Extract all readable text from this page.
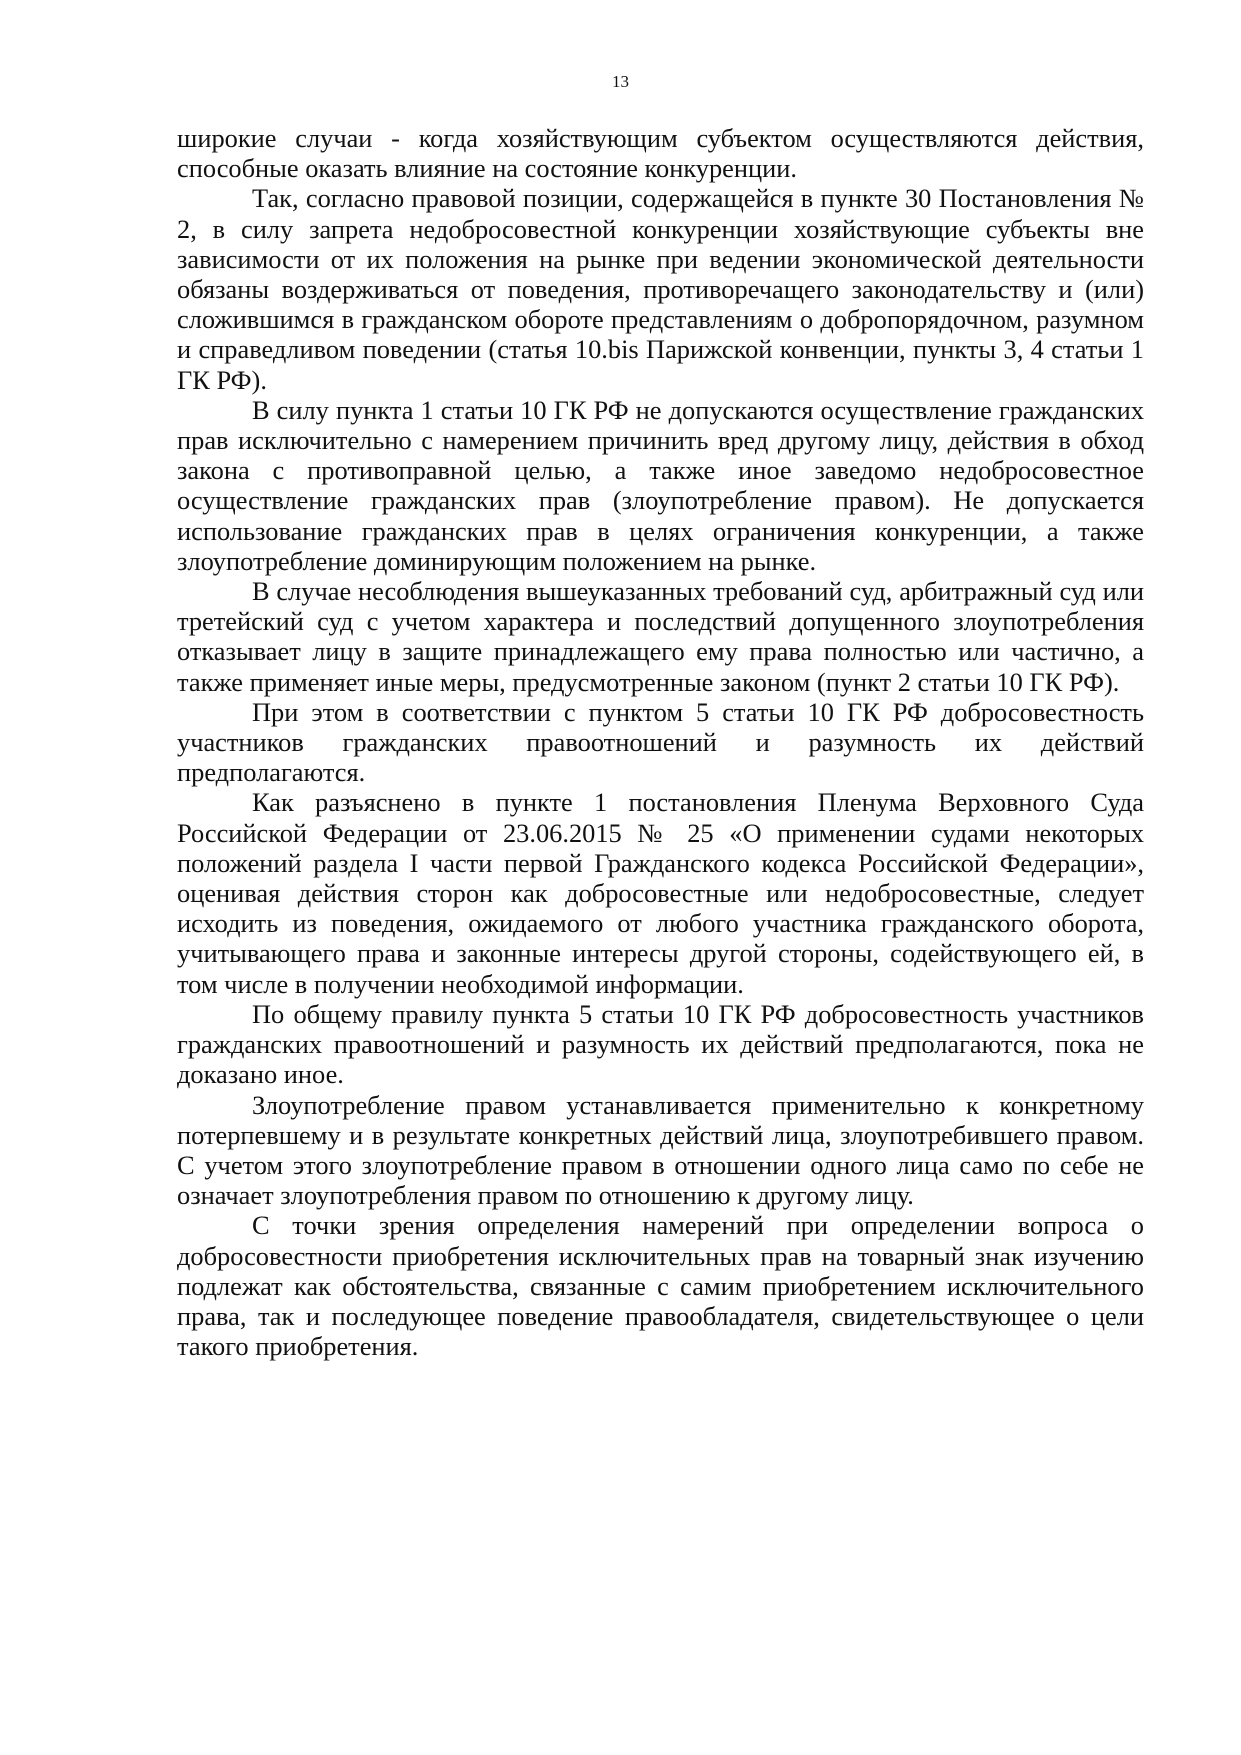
13

широкие случаи - когда хозяйствующим субъектом осуществляются действия, способные оказать влияние на состояние конкуренции.

Так, согласно правовой позиции, содержащейся в пункте 30 Постановления № 2, в силу запрета недобросовестной конкуренции хозяйствующие субъекты вне зависимости от их положения на рынке при ведении экономической деятельности обязаны воздерживаться от поведения, противоречащего законодательству и (или) сложившимся в гражданском обороте представлениям о добропорядочном, разумном и справедливом поведении (статья 10.bis Парижской конвенции, пункты 3, 4 статьи 1 ГК РФ).

В силу пункта 1 статьи 10 ГК РФ не допускаются осуществление гражданских прав исключительно с намерением причинить вред другому лицу, действия в обход закона с противоправной целью, а также иное заведомо недобросовестное осуществление гражданских прав (злоупотребление правом). Не допускается использование гражданских прав в целях ограничения конкуренции, а также злоупотребление доминирующим положением на рынке.

В случае несоблюдения вышеуказанных требований суд, арбитражный суд или третейский суд с учетом характера и последствий допущенного злоупотребления отказывает лицу в защите принадлежащего ему права полностью или частично, а также применяет иные меры, предусмотренные законом (пункт 2 статьи 10 ГК РФ).

При этом в соответствии с пунктом 5 статьи 10 ГК РФ добросовестность участников гражданских правоотношений и разумность их действий предполагаются.

Как разъяснено в пункте 1 постановления Пленума Верховного Суда Российской Федерации от 23.06.2015 № 25 «О применении судами некоторых положений раздела I части первой Гражданского кодекса Российской Федерации», оценивая действия сторон как добросовестные или недобросовестные, следует исходить из поведения, ожидаемого от любого участника гражданского оборота, учитывающего права и законные интересы другой стороны, содействующего ей, в том числе в получении необходимой информации.

По общему правилу пункта 5 статьи 10 ГК РФ добросовестность участников гражданских правоотношений и разумность их действий предполагаются, пока не доказано иное.

Злоупотребление правом устанавливается применительно к конкретному потерпевшему и в результате конкретных действий лица, злоупотребившего правом. С учетом этого злоупотребление правом в отношении одного лица само по себе не означает злоупотребления правом по отношению к другому лицу.

С точки зрения определения намерений при определении вопроса о добросовестности приобретения исключительных прав на товарный знак изучению подлежат как обстоятельства, связанные с самим приобретением исключительного права, так и последующее поведение правообладателя, свидетельствующее о цели такого приобретения.
